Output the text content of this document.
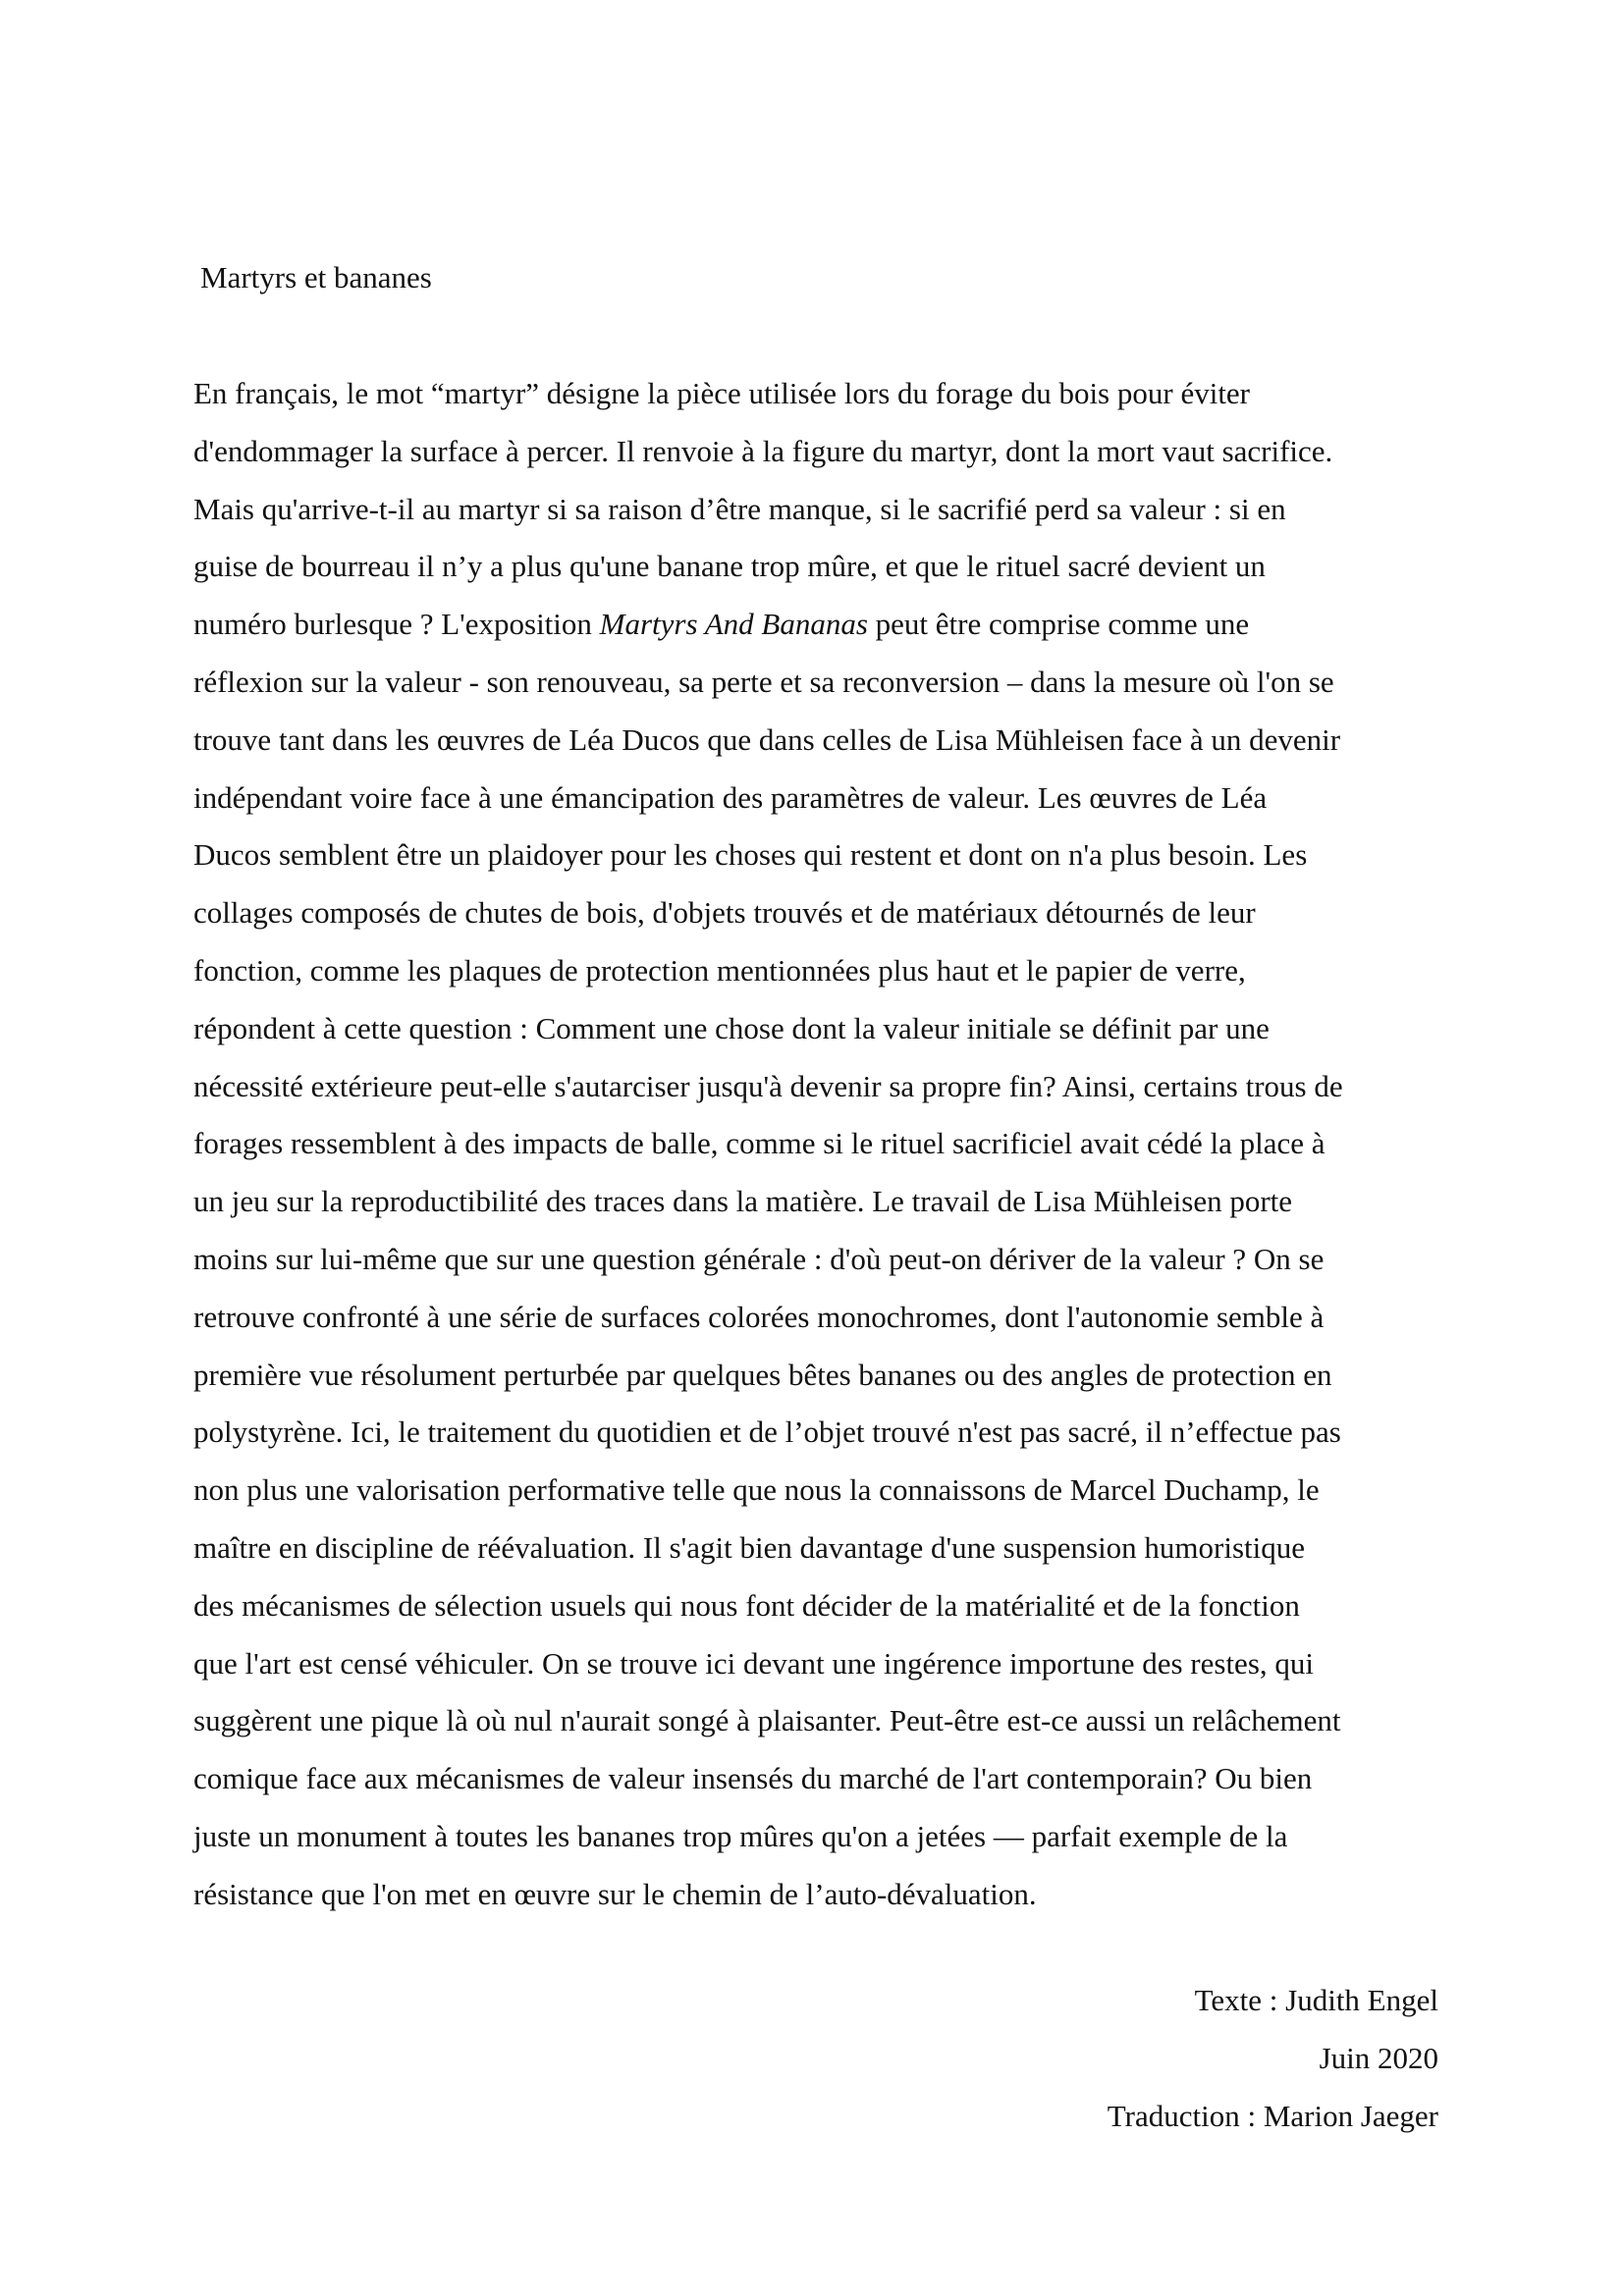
Martyrs et bananes
En français, le mot “martyr” désigne la pièce utilisée lors du forage du bois pour éviter
d'endommager la surface à percer. Il renvoie à la figure du martyr, dont la mort vaut sacrifice.
Mais qu'arrive-t-il au martyr si sa raison d’être manque, si le sacrifié perd sa valeur : si en
guise de bourreau il n’y a plus qu'une banane trop mûre, et que le rituel sacré devient un
numéro burlesque ? L'exposition Martyrs And Bananas peut être comprise comme une
réflexion sur la valeur - son renouveau, sa perte et sa reconversion – dans la mesure où l'on se
trouve tant dans les œuvres de Léa Ducos que dans celles de Lisa Mühleisen face à un devenir
indépendant voire face à une émancipation des paramètres de valeur. Les œuvres de Léa
Ducos semblent être un plaidoyer pour les choses qui restent et dont on n'a plus besoin. Les
collages composés de chutes de bois, d'objets trouvés et de matériaux détournés de leur
fonction, comme les plaques de protection mentionnées plus haut et le papier de verre,
répondent à cette question : Comment une chose dont la valeur initiale se définit par une
nécessité extérieure peut-elle s'autarciser jusqu'à devenir sa propre fin? Ainsi, certains trous de
forages ressemblent à des impacts de balle, comme si le rituel sacrificiel avait cédé la place à
un jeu sur la reproductibilité des traces dans la matière. Le travail de Lisa Mühleisen porte
moins sur lui-même que sur une question générale : d'où peut-on dériver de la valeur ? On se
retrouve confronté à une série de surfaces colorées monochromes, dont l'autonomie semble à
première vue résolument perturbée par quelques bêtes bananes ou des angles de protection en
polystyrène. Ici, le traitement du quotidien et de l’objet trouvé n'est pas sacré, il n’effectue pas
non plus une valorisation performative telle que nous la connaissons de Marcel Duchamp, le
maître en discipline de réévaluation. Il s'agit bien davantage d'une suspension humoristique
des mécanismes de sélection usuels qui nous font décider de la matérialité et de la fonction
que l'art est censé véhiculer. On se trouve ici devant une ingérence importune des restes, qui
suggèrent une pique là où nul n'aurait songé à plaisanter. Peut-être est-ce aussi un relâchement
comique face aux mécanismes de valeur insensés du marché de l'art contemporain? Ou bien
juste un monument à toutes les bananes trop mûres qu'on a jetées — parfait exemple de la
résistance que l'on met en œuvre sur le chemin de l’auto-dévaluation.
Texte : Judith Engel
Juin 2020
Traduction : Marion Jaeger
